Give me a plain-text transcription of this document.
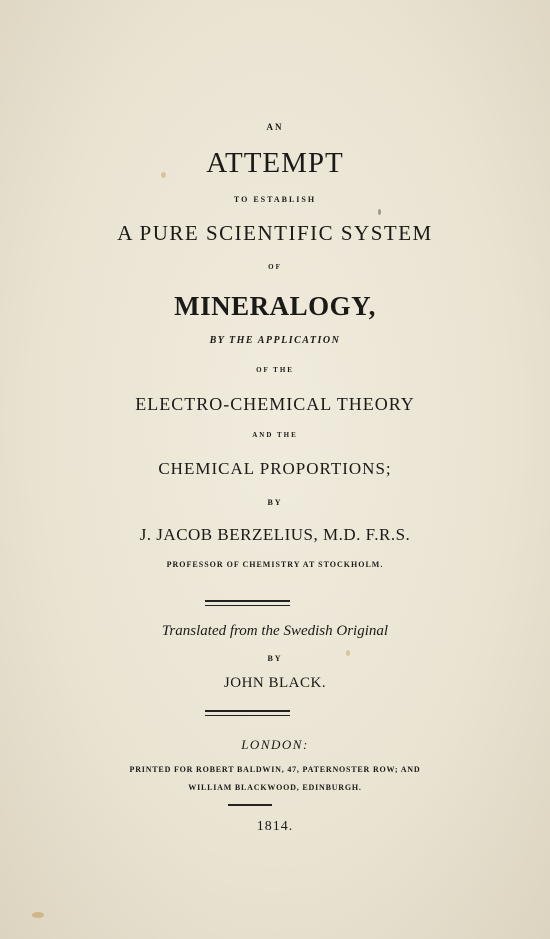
AN
ATTEMPT
TO ESTABLISH
A PURE SCIENTIFIC SYSTEM
OF
MINERALOGY,
BY THE APPLICATION
OF THE
ELECTRO-CHEMICAL THEORY
AND THE
CHEMICAL PROPORTIONS;
BY
J. JACOB BERZELIUS, M.D. F.R.S.
PROFESSOR OF CHEMISTRY AT STOCKHOLM.
Translated from the Swedish Original
BY
JOHN BLACK.
LONDON:
PRINTED FOR ROBERT BALDWIN, 47, PATERNOSTER ROW; AND
WILLIAM BLACKWOOD, EDINBURGH.
1814.
